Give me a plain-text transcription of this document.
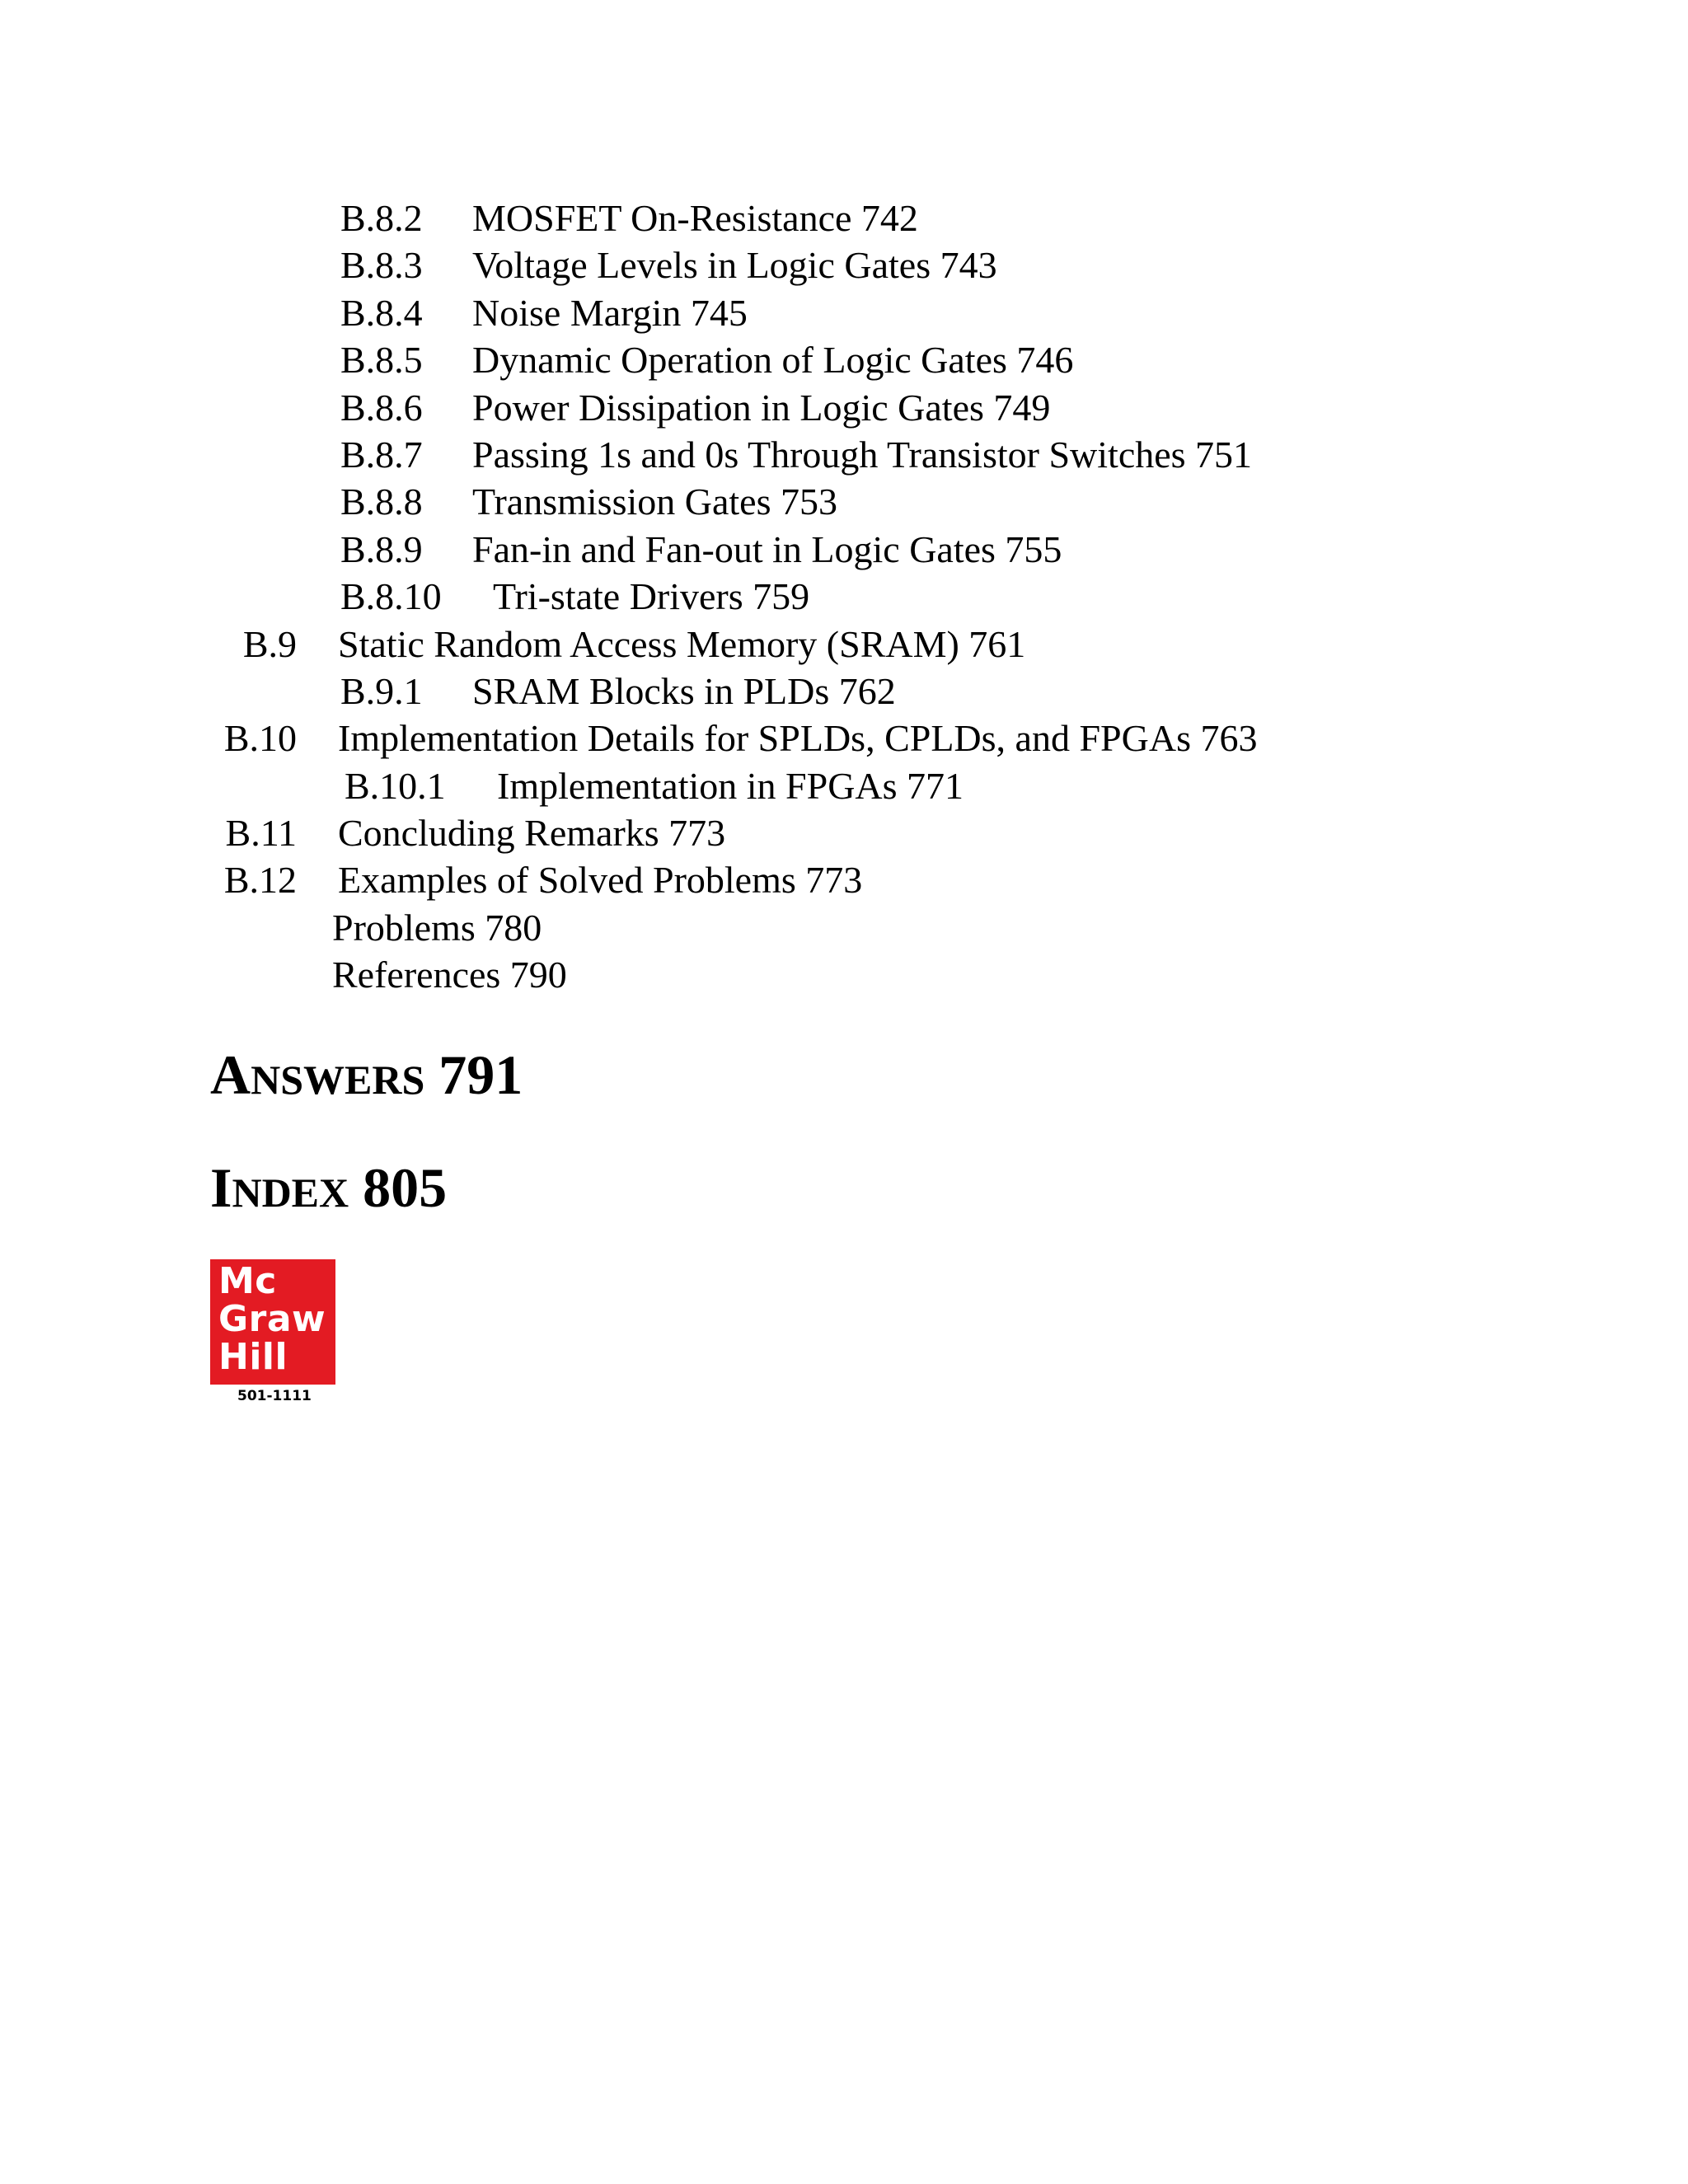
B.8.2 MOSFET On-Resistance 742
B.8.3 Voltage Levels in Logic Gates 743
B.8.4 Noise Margin 745
B.8.5 Dynamic Operation of Logic Gates 746
B.8.6 Power Dissipation in Logic Gates 749
B.8.7 Passing 1s and 0s Through Transistor Switches 751
B.8.8 Transmission Gates 753
B.8.9 Fan-in and Fan-out in Logic Gates 755
B.8.10 Tri-state Drivers 759
B.9 Static Random Access Memory (SRAM) 761
B.9.1 SRAM Blocks in PLDs 762
B.10 Implementation Details for SPLDs, CPLDs, and FPGAs 763
B.10.1 Implementation in FPGAs 771
B.11 Concluding Remarks 773
B.12 Examples of Solved Problems 773
Problems 780
References 790
ANSWERS 791
INDEX 805
Mc
Graw
Hill
501-1111
